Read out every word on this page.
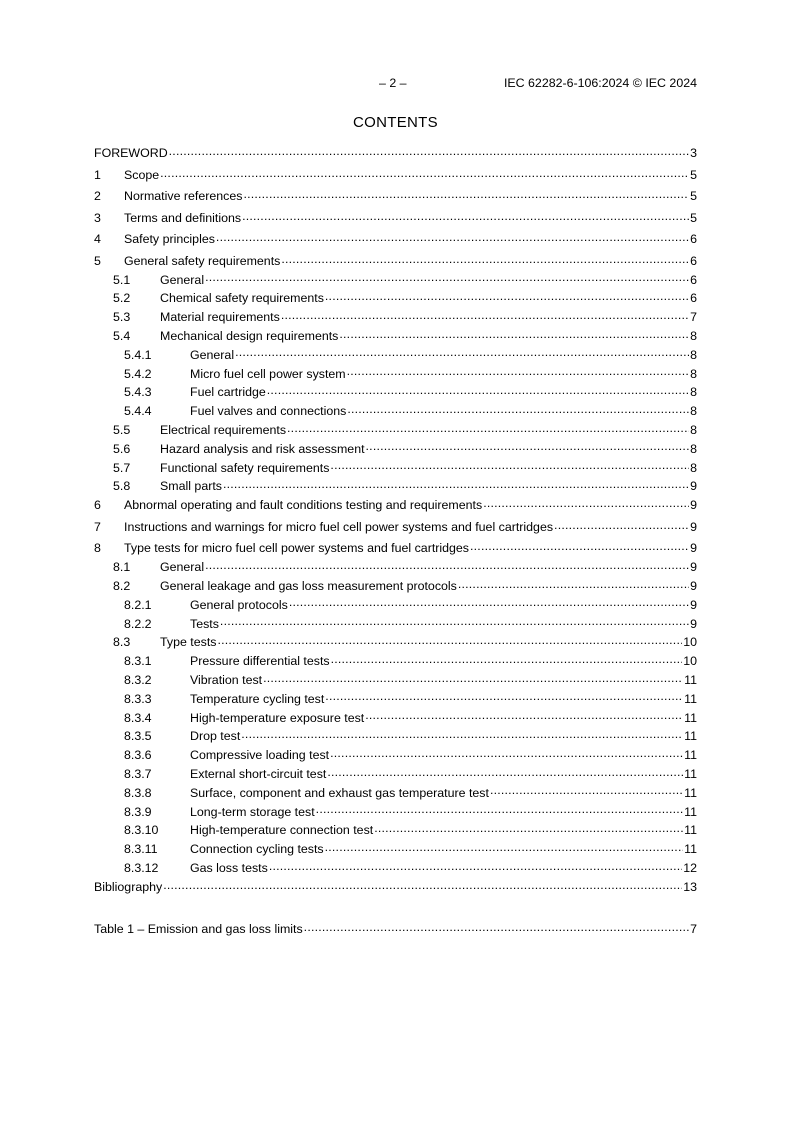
– 2 –	IEC 62282-6-106:2024 © IEC 2024
CONTENTS
FOREWORD .....	3
1	Scope .....	5
2	Normative references .....	5
3	Terms and definitions .....	5
4	Safety principles .....	6
5	General safety requirements .....	6
5.1	General .....	6
5.2	Chemical safety requirements .....	6
5.3	Material requirements .....	7
5.4	Mechanical design requirements .....	8
5.4.1	General .....	8
5.4.2	Micro fuel cell power system .....	8
5.4.3	Fuel cartridge .....	8
5.4.4	Fuel valves and connections .....	8
5.5	Electrical requirements .....	8
5.6	Hazard analysis and risk assessment .....	8
5.7	Functional safety requirements .....	8
5.8	Small parts .....	9
6	Abnormal operating and fault conditions testing and requirements .....	9
7	Instructions and warnings for micro fuel cell power systems and fuel cartridges .....	9
8	Type tests for micro fuel cell power systems and fuel cartridges .....	9
8.1	General .....	9
8.2	General leakage and gas loss measurement protocols .....	9
8.2.1	General protocols .....	9
8.2.2	Tests .....	9
8.3	Type tests .....	10
8.3.1	Pressure differential tests .....	10
8.3.2	Vibration test .....	11
8.3.3	Temperature cycling test .....	11
8.3.4	High-temperature exposure test .....	11
8.3.5	Drop test .....	11
8.3.6	Compressive loading test .....	11
8.3.7	External short-circuit test .....	11
8.3.8	Surface, component and exhaust gas temperature test .....	11
8.3.9	Long-term storage test .....	11
8.3.10	High-temperature connection test .....	11
8.3.11	Connection cycling tests .....	11
8.3.12	Gas loss tests .....	12
Bibliography .....	13
Table 1 – Emission and gas loss limits .....	7
